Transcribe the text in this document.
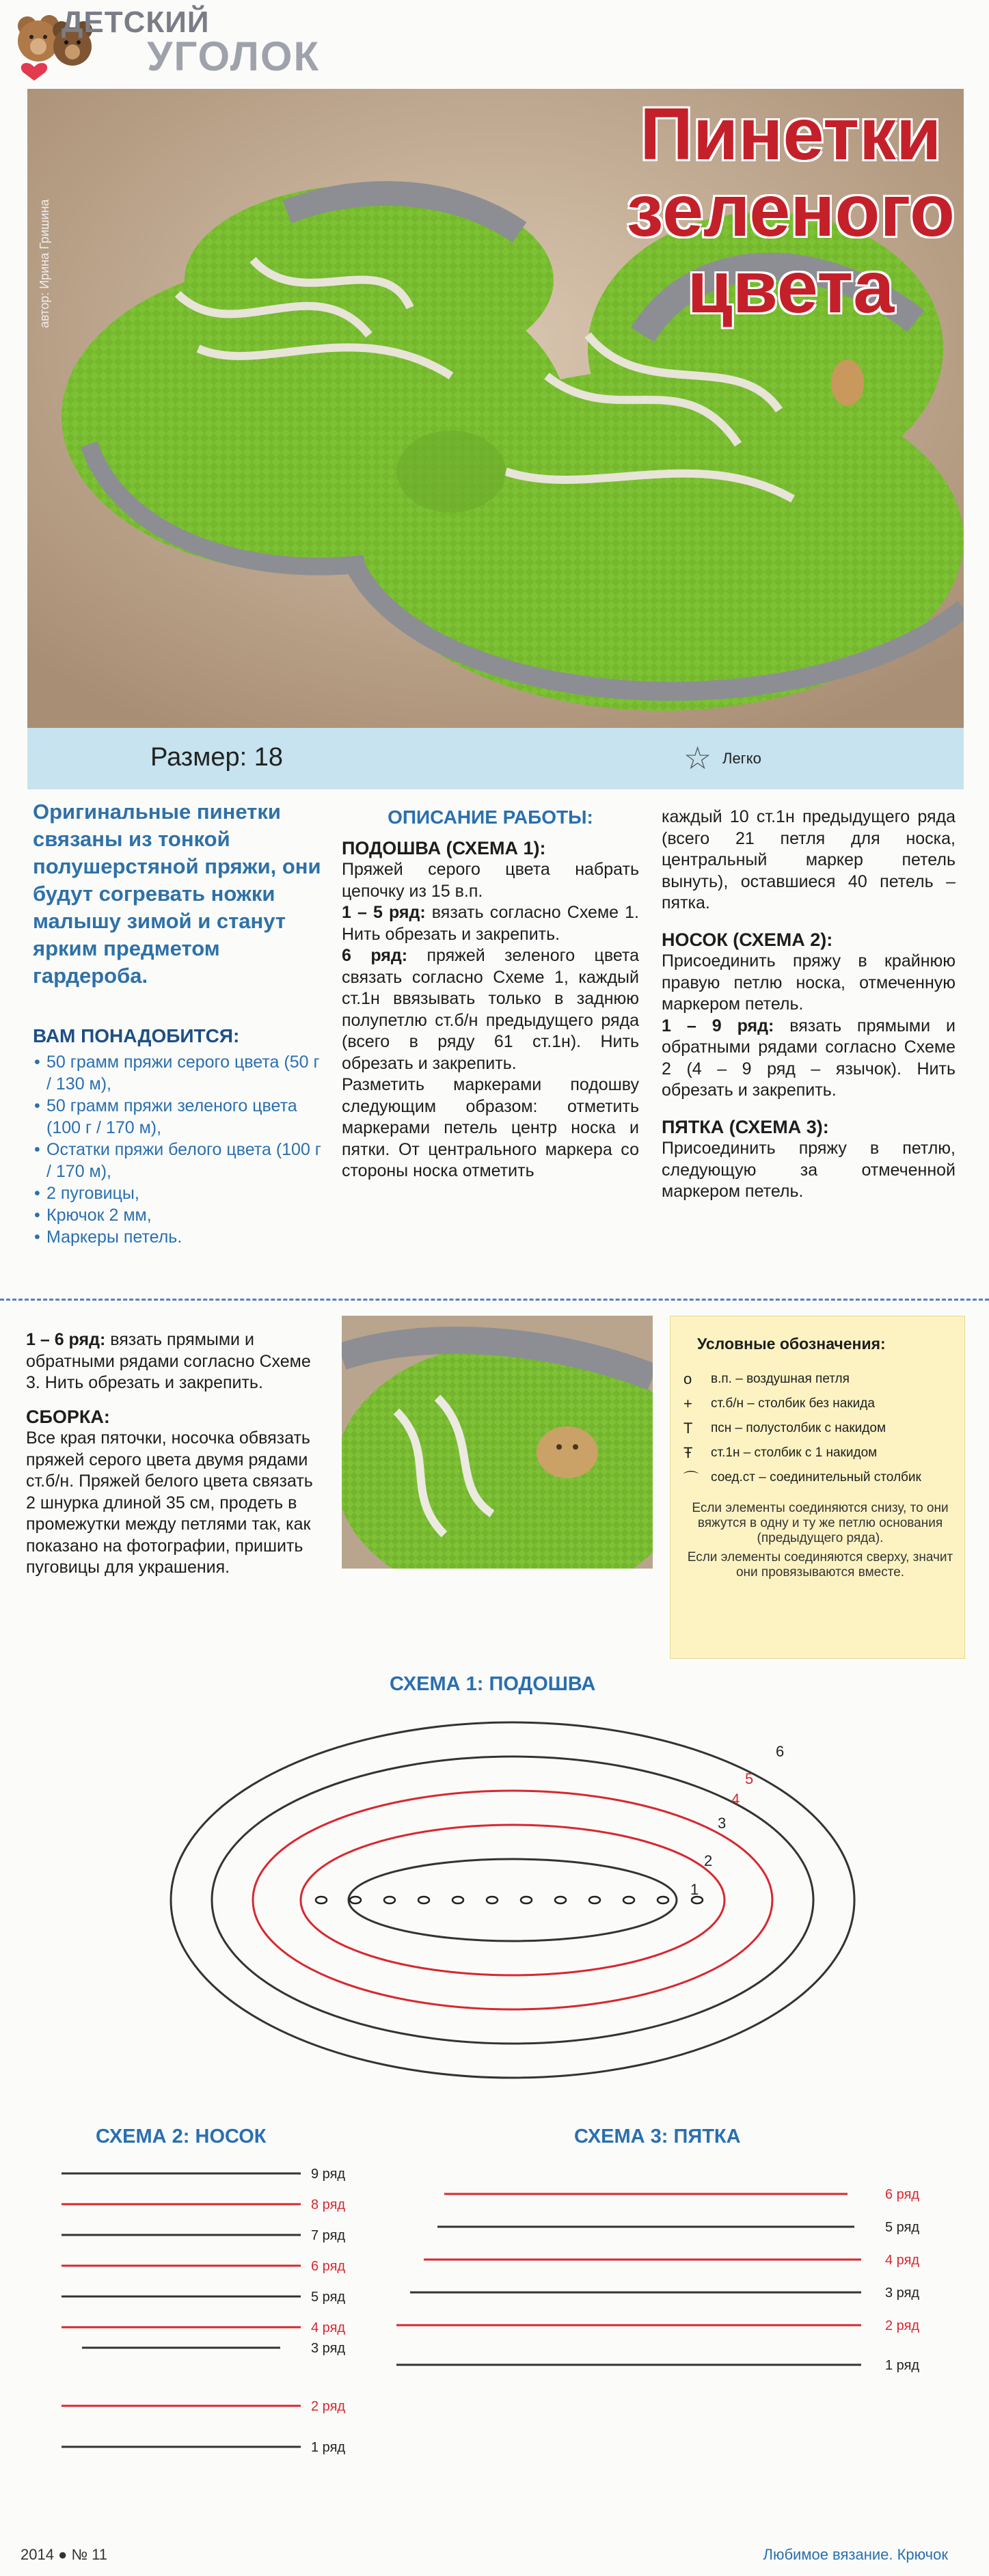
ДЕТСКИЙ
УГОЛОК
автор: Ирина Гришина
Пинетки
зеленого
цвета
Размер: 18	☆ Легко
Оригинальные пинетки связаны из тонкой полушерстяной пряжи, они будут согревать ножки малышу зимой и станут ярким предметом гардероба.
ВАМ ПОНАДОБИТСЯ:
• 50 грамм пряжи серого цвета (50 г / 130 м),
• 50 грамм пряжи зеленого цвета (100 г / 170 м),
• Остатки пряжи белого цвета (100 г / 170 м),
• 2 пуговицы,
• Крючок 2 мм,
• Маркеры петель.
ОПИСАНИЕ РАБОТЫ:
ПОДОШВА (СХЕМА 1):
Пряжей серого цвета набрать цепочку из 15 в.п.
1 – 5 ряд: вязать согласно Схеме 1. Нить обрезать и закрепить.
6 ряд: пряжей зеленого цвета связать согласно Схеме 1, каждый ст.1н ввязывать только в заднюю полупетлю ст.б/н предыдущего ряда (всего в ряду 61 ст.1н). Нить обрезать и закрепить.
Разметить маркерами подошву следующим образом: отметить маркерами петель центр носка и пятки. От центрального маркера со стороны носка отметить
каждый 10 ст.1н предыдущего ряда (всего 21 петля для носка, центральный маркер петель вынуть), оставшиеся 40 петель – пятка.
НОСОК (СХЕМА 2):
Присоединить пряжу в крайнюю правую петлю носка, отмеченную маркером петель.
1 – 9 ряд: вязать прямыми и обратными рядами согласно Схеме 2 (4 – 9 ряд – язычок). Нить обрезать и закрепить.
ПЯТКА (СХЕМА 3):
Присоединить пряжу в петлю, следующую за отмеченной маркером петель.
1 – 6 ряд: вязать прямыми и обратными рядами согласно Схеме 3. Нить обрезать и закрепить.
СБОРКА:
Все края пяточки, носочка обвязать пряжей серого цвета двумя рядами ст.б/н. Пряжей белого цвета связать 2 шнурка длиной 35 см, продеть в промежутки между петлями так, как показано на фотографии, пришить пуговицы для украшения.
Условные обозначения:
o	в.п. – воздушная петля
+	ст.б/н – столбик без накида
T	псн – полустолбик с накидом
Ŧ	ст.1н – столбик с 1 накидом
⌒ соед.ст – соединительный столбик
Если элементы соединяются снизу, то они вяжутся в одну и ту же петлю основания (предыдущего ряда).
Если элементы соединяются сверху, значит они провязываются вместе.
СХЕМА 1: ПОДОШВА
6
5
4
3
2
1
СХЕМА 2: НОСОК
9 ряд
8 ряд
7 ряд
6 ряд
5 ряд
4 ряд
3 ряд
2 ряд
1 ряд
СХЕМА 3: ПЯТКА
6 ряд
5 ряд
4 ряд
3 ряд
2 ряд
1 ряд
2014 ● № 11	Любимое вязание. Крючок
